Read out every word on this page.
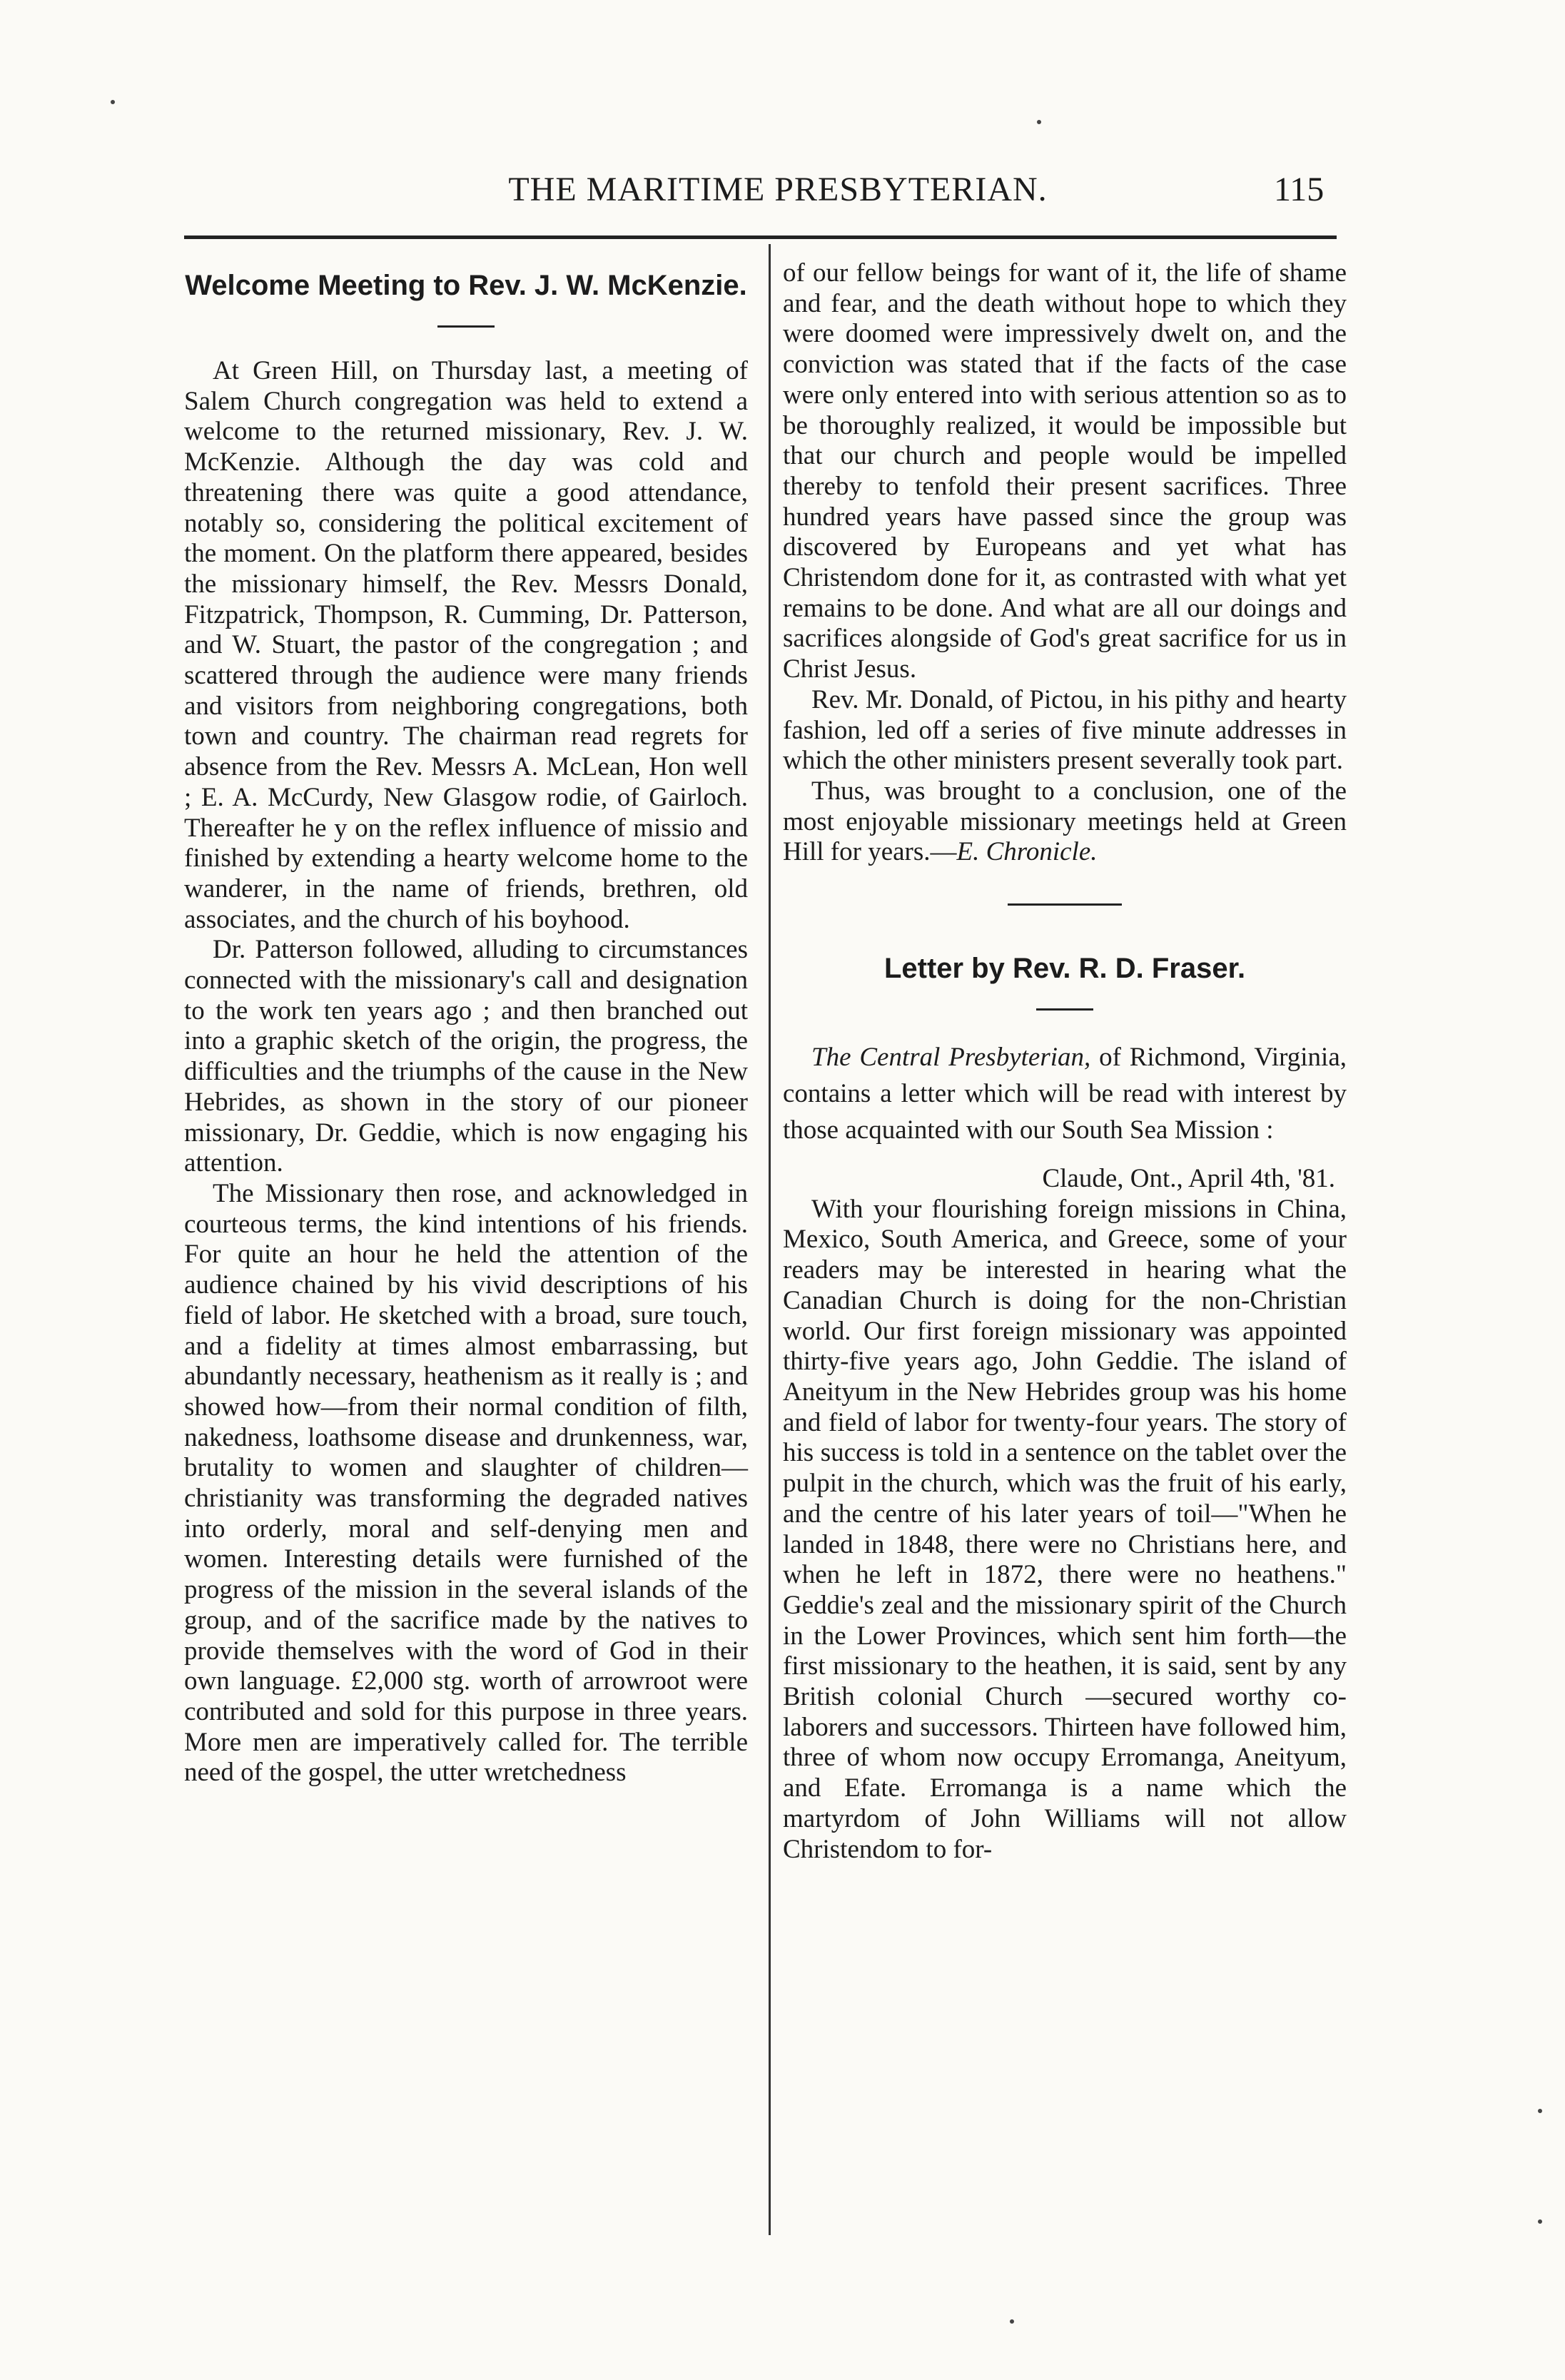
THE MARITIME PRESBYTERIAN.	115
Welcome Meeting to Rev. J. W. McKenzie.

At Green Hill, on Thursday last, a meeting of Salem Church congregation was held to extend a welcome to the returned missionary, Rev. J. W. McKenzie. Although the day was cold and threatening there was quite a good attendance, notably so, considering the political excitement of the moment. On the platform there appeared, besides the missionary himself, the Rev. Messrs Donald, Fitzpatrick, Thompson, R. Cumming, Dr. Patterson, and W. Stuart, the pastor of the congregation ; and scattered through the audience were many friends and visitors from neighboring congregations, both town and country. The chairman read regrets for absence from the Rev. Messrs A. McLean, Hon well ; E. A. McCurdy, New Glasgow rodie, of Gairloch. Thereafter he y on the reflex influence of missio and finished by extending a hearty welcome home to the wanderer, in the name of friends, brethren, old associates, and the church of his boyhood.

Dr. Patterson followed, alluding to circumstances connected with the missionary's call and designation to the work ten years ago ; and then branched out into a graphic sketch of the origin, the progress, the difficulties and the triumphs of the cause in the New Hebrides, as shown in the story of our pioneer missionary, Dr. Geddie, which is now engaging his attention.

The Missionary then rose, and acknowledged in courteous terms, the kind intentions of his friends. For quite an hour he held the attention of the audience chained by his vivid descriptions of his field of labor. He sketched with a broad, sure touch, and a fidelity at times almost embarrassing, but abundantly necessary, heathenism as it really is ; and showed how—from their normal condition of filth, nakedness, loathsome disease and drunkenness, war, brutality to women and slaughter of children—christianity was transforming the degraded natives into orderly, moral and self-denying men and women. Interesting details were furnished of the progress of the mission in the several islands of the group, and of the sacrifice made by the natives to provide themselves with the word of God in their own language. £2,000 stg. worth of arrowroot were contributed and sold for this purpose in three years. More men are imperatively called for. The terrible need of the gospel, the utter wretchedness

of our fellow beings for want of it, the life of shame and fear, and the death without hope to which they were doomed were impressively dwelt on, and the conviction was stated that if the facts of the case were only entered into with serious attention so as to be thoroughly realized, it would be impossible but that our church and people would be impelled thereby to tenfold their present sacrifices. Three hundred years have passed since the group was discovered by Europeans and yet what has Christendom done for it, as contrasted with what yet remains to be done. And what are all our doings and sacrifices alongside of God's great sacrifice for us in Christ Jesus.

Rev. Mr. Donald, of Pictou, in his pithy and hearty fashion, led off a series of five minute addresses in which the other ministers present severally took part.

Thus, was brought to a conclusion, one of the most enjoyable missionary meetings held at Green Hill for years.—E. Chronicle.

Letter by Rev. R. D. Fraser.

The Central Presbyterian, of Richmond, Virginia, contains a letter which will be read with interest by those acquainted with our South Sea Mission :

Claude, Ont., April 4th, '81.

With your flourishing foreign missions in China, Mexico, South America, and Greece, some of your readers may be interested in hearing what the Canadian Church is doing for the non-Christian world. Our first foreign missionary was appointed thirty-five years ago, John Geddie. The island of Aneityum in the New Hebrides group was his home and field of labor for twenty-four years. The story of his success is told in a sentence on the tablet over the pulpit in the church, which was the fruit of his early, and the centre of his later years of toil—"When he landed in 1848, there were no Christians here, and when he left in 1872, there were no heathens." Geddie's zeal and the missionary spirit of the Church in the Lower Provinces, which sent him forth—the first missionary to the heathen, it is said, sent by any British colonial Church —secured worthy co-laborers and successors. Thirteen have followed him, three of whom now occupy Erromanga, Aneityum, and Efate. Erromanga is a name which the martyrdom of John Williams will not allow Christendom to for-
